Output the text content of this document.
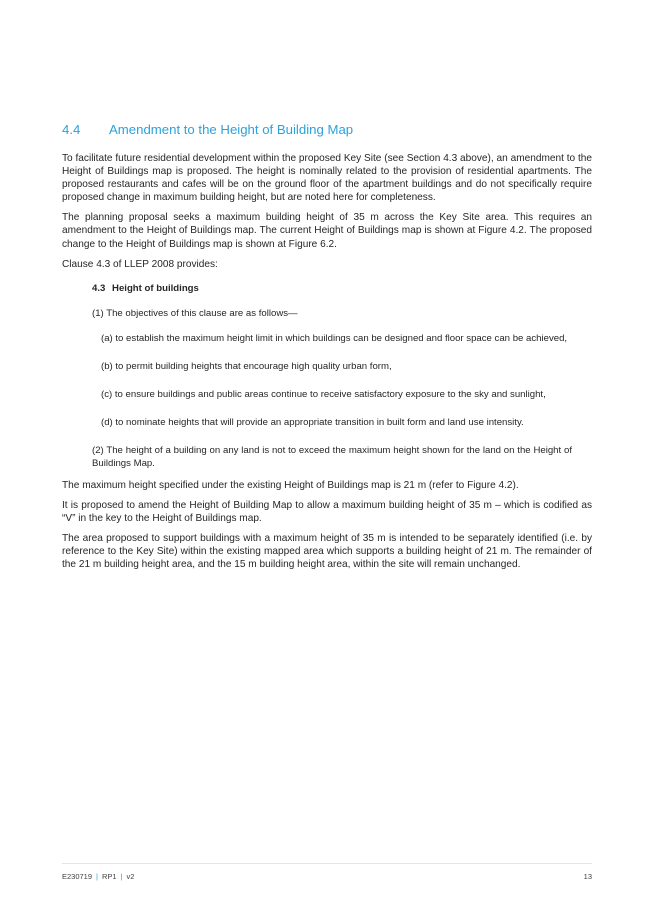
4.4 Amendment to the Height of Building Map

To facilitate future residential development within the proposed Key Site (see Section 4.3 above), an amendment to the Height of Buildings map is proposed. The height is nominally related to the provision of residential apartments. The proposed restaurants and cafes will be on the ground floor of the apartment buildings and do not specifically require proposed change in maximum building height, but are noted here for completeness.

The planning proposal seeks a maximum building height of 35 m across the Key Site area. This requires an amendment to the Height of Buildings map. The current Height of Buildings map is shown at Figure 4.2. The proposed change to the Height of Buildings map is shown at Figure 6.2.

Clause 4.3 of LLEP 2008 provides:

4.3 Height of buildings
(1) The objectives of this clause are as follows—
(a) to establish the maximum height limit in which buildings can be designed and floor space can be achieved,
(b) to permit building heights that encourage high quality urban form,
(c) to ensure buildings and public areas continue to receive satisfactory exposure to the sky and sunlight,
(d) to nominate heights that will provide an appropriate transition in built form and land use intensity.
(2) The height of a building on any land is not to exceed the maximum height shown for the land on the Height of Buildings Map.

The maximum height specified under the existing Height of Buildings map is 21 m (refer to Figure 4.2).

It is proposed to amend the Height of Building Map to allow a maximum building height of 35 m – which is codified as “V” in the key to the Height of Buildings map.

The area proposed to support buildings with a maximum height of 35 m is intended to be separately identified (i.e. by reference to the Key Site) within the existing mapped area which supports a building height of 21 m. The remainder of the 21 m building height area, and the 15 m building height area, within the site will remain unchanged.

E230719 | RP1 | v2	13
